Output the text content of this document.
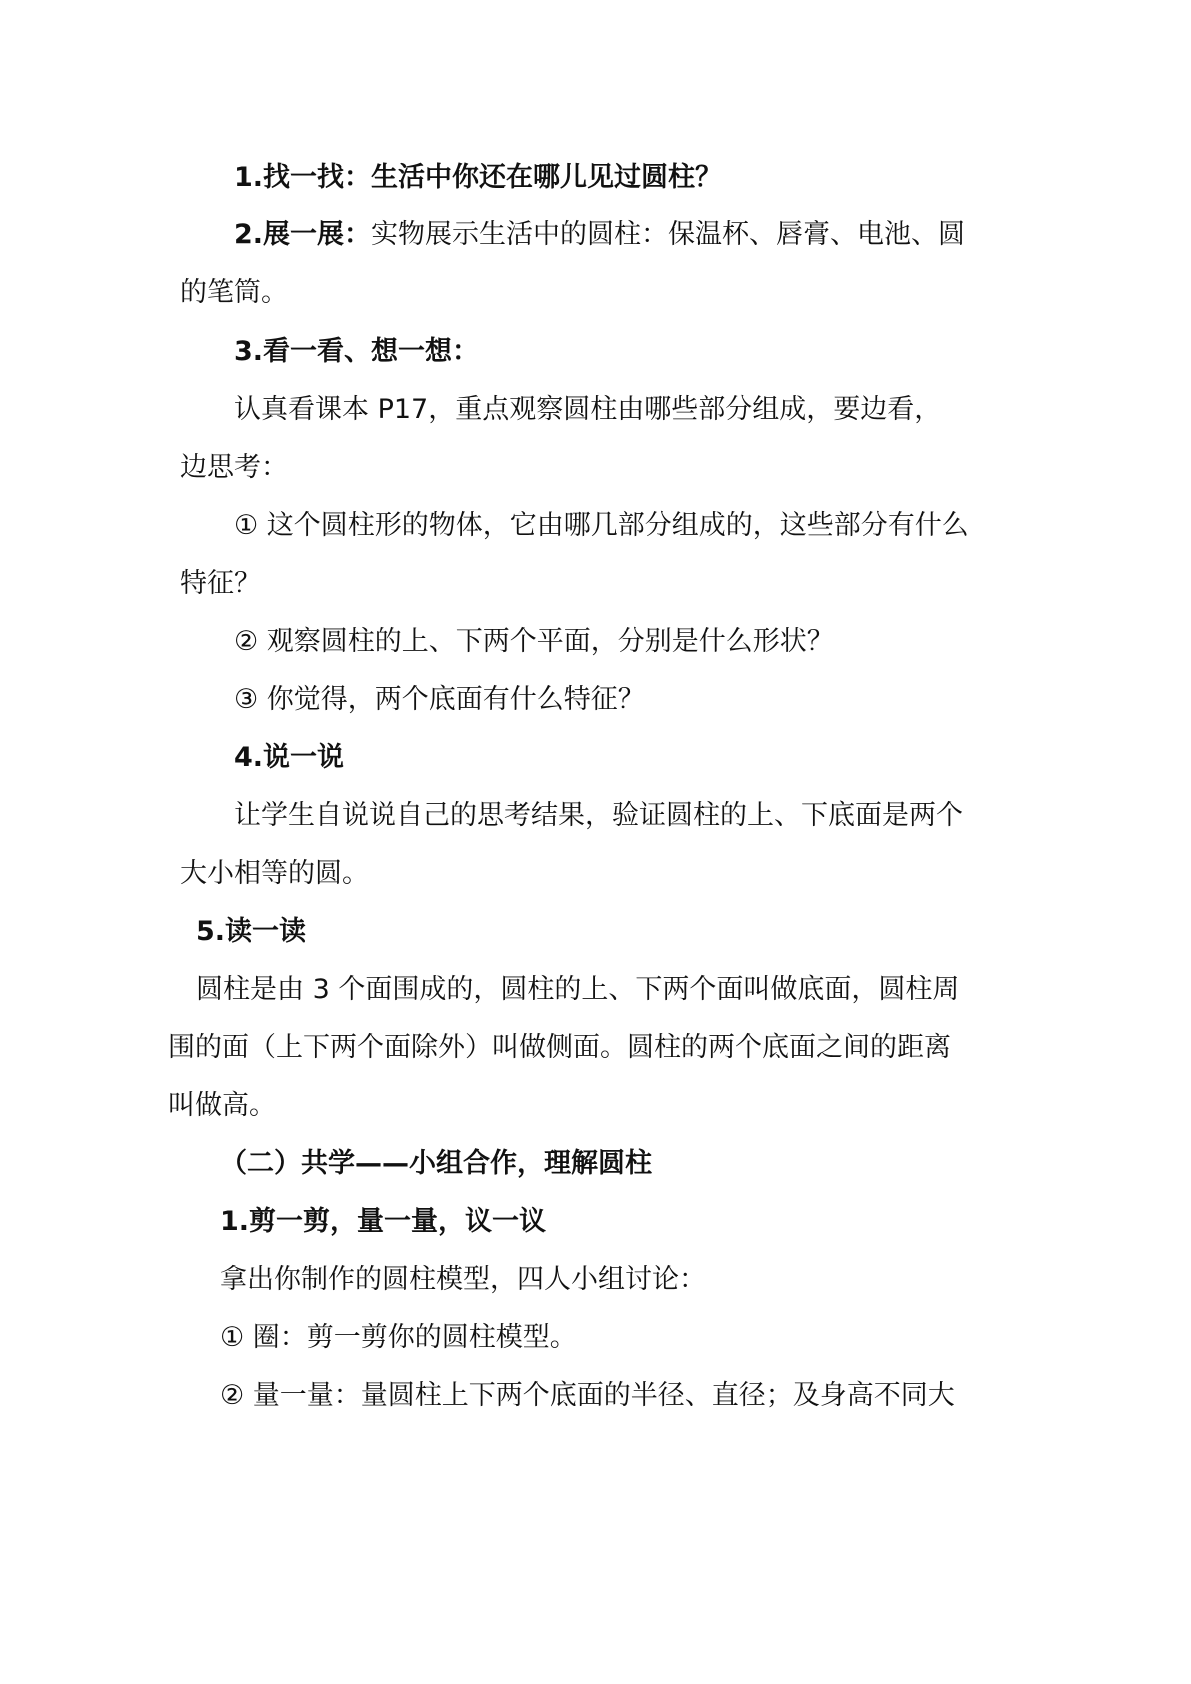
1.找一找：生活中你还在哪儿见过圆柱？
2.展一展： 实物展示生活中的圆柱：保温杯、唇膏、电池、圆
的笔筒。
3.看一看、想一想：
认真看课本 P17，重点观察圆柱由哪些部分组成，要边看，
边思考：
① 这个圆柱形的物体，它由哪几部分组成的，这些部分有什么
特征？
② 观察圆柱的上、下两个平面，分别是什么形状？
③ 你觉得，两个底面有什么特征？
4.说一说
让学生自说说自己的思考结果，验证圆柱的上、下底面是两个
大小相等的圆。
5.读一读
圆柱是由 3 个面围成的，圆柱的上、下两个面叫做底面，圆柱周
围的面（上下两个面除外）叫做侧面。圆柱的两个底面之间的距离
叫做高。
（二）共学——小组合作，理解圆柱
1.剪一剪，量一量，议一议
拿出你制作的圆柱模型，四人小组讨论：
① 圈：剪一剪你的圆柱模型。
② 量一量：量圆柱上下两个底面的半径、直径；及身高不同大
